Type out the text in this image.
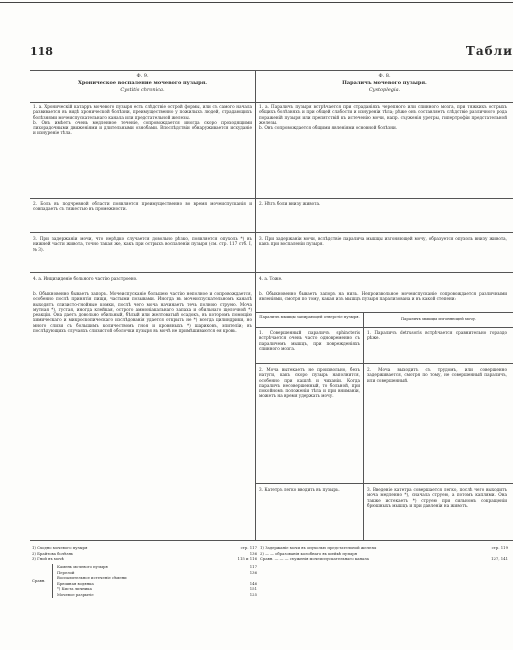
118	Табли
Ф. 9.
Хроническое воспаление мочевого пузыря.
Cystitis chronica.
Ф. 8.
Параличъ мочевого пузыря.
Cystoplegia.
1. а. Хроническій катарръ мочевого пузыря есть слѣдствіе острой формы, или съ самого начала развивается въ видѣ хронической болѣзни, преимущественно у пожилыхъ людей, страдающихъ болѣзнями мочеиспускательнаго канала или предстательной железы.
b. Онъ имѣетъ очень медленное теченіе, сопровождается иногда скоро проходящими лихорадочными движеніями и длительными ознобами. Впослѣдствіи обнаруживается исхуданіе и изнуреніе тѣла.
1. а. Параличъ пузыря встрѣчается при страданіяхъ черепного или спинного мозга, при тяжкихъ острыхъ общихъ болѣзняхъ и при общей слабости и изнуреніи тѣла; рѣже онъ составляетъ слѣдствіе различного рода пораженій пузыря или препятствій къ истеченію мочи, напр. съуженія уретры, гипертрофіи предстательной железы.
b. Онъ сопровождается общими явленіями основной болѣзни.
2. Боль въ подчревной области появляется преимущественно во время мочеиспусканія и совпадаетъ съ тяжестью въ промежности.
2. Нѣтъ боли внизу живота.
3. При задержаніи мочи, что нерѣдко случается довольно рѣзко, появляется опухоль *) въ нижней части живота, точно такая же, какъ при острыхъ воспаленіи пузыря (см. стр. 117 стб. I, № 3).
3. При задержаніи мочи, вслѣдствіе паралича мышцы изгоняющей мочу, образуется опухоль внизу живота, какъ при воспаленіи пузыря.
4. а. Инцизиденіе больного частію разстроено.
b. Обыкновенно бываетъ запоръ. Мочеиспусканіе большею частію неполное и сопровождается, особенно послѣ принятія пищи, частыми позывами. Иногда въ мочеиспускательномъ каналѣ выходятъ слизисто-гнойные комки, послѣ чего моча начинаетъ течь полною струею. Моча мутная *), густая, иногда клейкая, острого аммоніакальнаго запаха и обильнаго щелочной *) реакціи. Она даетъ довольно обильный, бѣлый или желтоватый осадокъ, въ которомъ помощію химическаго и микроскопическаго изслѣдованія удается открыть не *) всегда цилиндрики, но много слизи съ большимъ количествомъ гноя и кровяныхъ *) шариковъ, эпителіи; въ послѣдующихъ случаяхъ слизистой оболочки пузыря въ мочѣ не примѣшиваются ея кровь.
4. а. Тоже.
b. Обыкновенно бываетъ запоръ на низъ. Непроизвольное мочеиспусканіе сопровождается различными явленіями, смотря по тому, какая изъ мышцъ пузыря парализована и въ какой степени:
Параличъ мышцы запирающей отверстіе пузыря.	Параличъ мышцы изгоняющей мочу.
1. Совершенный параличъ sphincteris встрѣчается очень часто одновременно съ параличемъ мышцъ, при поврежденіяхъ спинного мозга.
1. Параличъ detrusoris встрѣчается сравнительно гораздо рѣже.
2. Моча вытекаетъ не произвольно, безъ натуги, какъ скоро пузырь наполнится, особенно при кашлѣ и чиханіи. Когда параличъ несовершенный, то больной, при покойномъ положеніи тѣла и при вниманіи, можетъ на время удержать мочу.
2. Моча выходитъ съ трудомъ, или совершенно задерживается, смотря по тому, не совершенный параличъ, или совершенный.
3. Катетръ легко вводить въ пузырь.	3. Введеніе катетра совершается легко, послѣ чего выходитъ моча медленно *), сначала струею, а потомъ каплями. Она также истекаетъ *) струею при сильномъ сокращеніи брюшныхъ мышцъ и при давленіи на животъ.
1) Сходно мочевого пузыря	стр. 117
2) Брайтова болѣзнь	136
3) Гной въ мочѣ	115 и 116
Сравн.
Камень мочевого пузыря	117
Перелой	136
Воспалительное истеченіе сѣмени
Брюшная водянка	146
*) Киста личника	151
Мочевое разрытіе	125
1) Задержаніе мочи въ опухолью предстательной железы	стр. 119
2) — — образованія колобнаго въ шейкѣ пузыря
Сравн. — — — съуженія мочеиспускательнаго канала	127, 141
